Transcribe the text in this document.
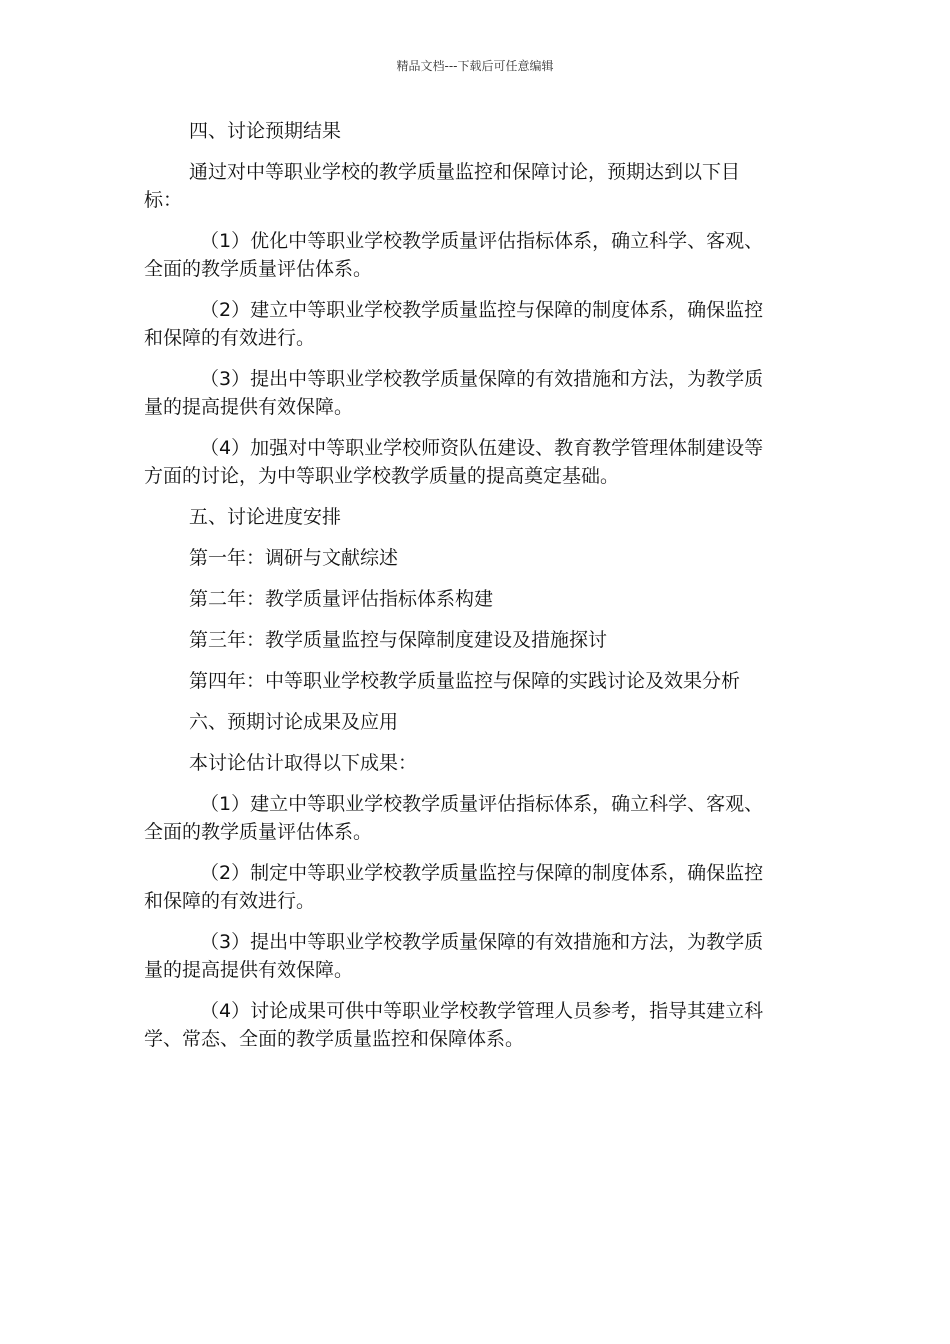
精品文档---下载后可任意编辑
四、讨论预期结果
通过对中等职业学校的教学质量监控和保障讨论，预期达到以下目
标：
（1）优化中等职业学校教学质量评估指标体系，确立科学、客观、
全面的教学质量评估体系。
（2）建立中等职业学校教学质量监控与保障的制度体系，确保监控
和保障的有效进行。
（3）提出中等职业学校教学质量保障的有效措施和方法，为教学质
量的提高提供有效保障。
（4）加强对中等职业学校师资队伍建设、教育教学管理体制建设等
方面的讨论，为中等职业学校教学质量的提高奠定基础。
五、讨论进度安排
第一年：调研与文献综述
第二年：教学质量评估指标体系构建
第三年：教学质量监控与保障制度建设及措施探讨
第四年：中等职业学校教学质量监控与保障的实践讨论及效果分析
六、预期讨论成果及应用
本讨论估计取得以下成果：
（1）建立中等职业学校教学质量评估指标体系，确立科学、客观、
全面的教学质量评估体系。
（2）制定中等职业学校教学质量监控与保障的制度体系，确保监控
和保障的有效进行。
（3）提出中等职业学校教学质量保障的有效措施和方法，为教学质
量的提高提供有效保障。
（4）讨论成果可供中等职业学校教学管理人员参考，指导其建立科
学、常态、全面的教学质量监控和保障体系。
